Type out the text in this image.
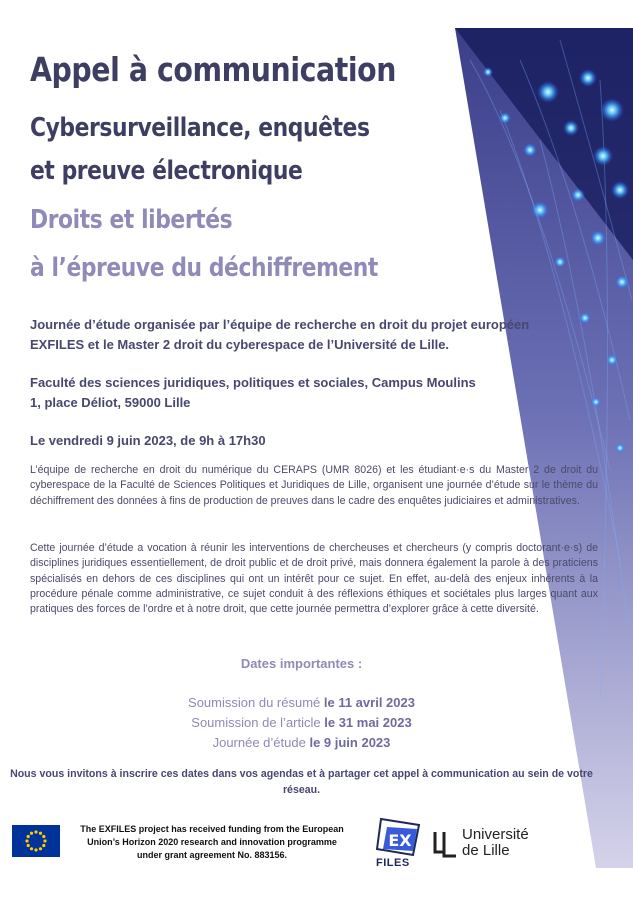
Appel à communication
Cybersurveillance, enquêtes
et preuve électronique
Droits et libertés
à l’épreuve du déchiffrement

Journée d’étude organisée par l’équipe de recherche en droit du projet européen EXFILES et le Master 2 droit du cyberespace de l’Université de Lille.

Faculté des sciences juridiques, politiques et sociales, Campus Moulins
1, place Déliot, 59000 Lille

Le vendredi 9 juin 2023, de 9h à 17h30

L’équipe de recherche en droit du numérique du CERAPS (UMR 8026) et les étudiant·e·s du Master 2 de droit du cyberespace de la Faculté de Sciences Politiques et Juridiques de Lille, organisent une journée d’étude sur le thème du déchiffrement des données à fins de production de preuves dans le cadre des enquêtes judiciaires et administratives.

Cette journée d’étude a vocation à réunir les interventions de chercheuses et chercheurs (y compris doctorant·e·s) de disciplines juridiques essentiellement, de droit public et de droit privé, mais donnera également la parole à des praticiens spécialisés en dehors de ces disciplines qui ont un intérêt pour ce sujet. En effet, au-delà des enjeux inhérents à la procédure pénale comme administrative, ce sujet conduit à des réflexions éthiques et sociétales plus larges quant aux pratiques des forces de l’ordre et à notre droit, que cette journée permettra d’explorer grâce à cette diversité.

Dates importantes :

Soumission du résumé le 11 avril 2023
Soumission de l’article le 31 mai 2023
Journée d’étude le 9 juin 2023

Nous vous invitons à inscrire ces dates dans vos agendas et à partager cet appel à communication au sein de votre réseau.

The EXFILES project has received funding from the European Union’s Horizon 2020 research and innovation programme under grant agreement No. 883156.

EX
FILES
Université
de Lille
